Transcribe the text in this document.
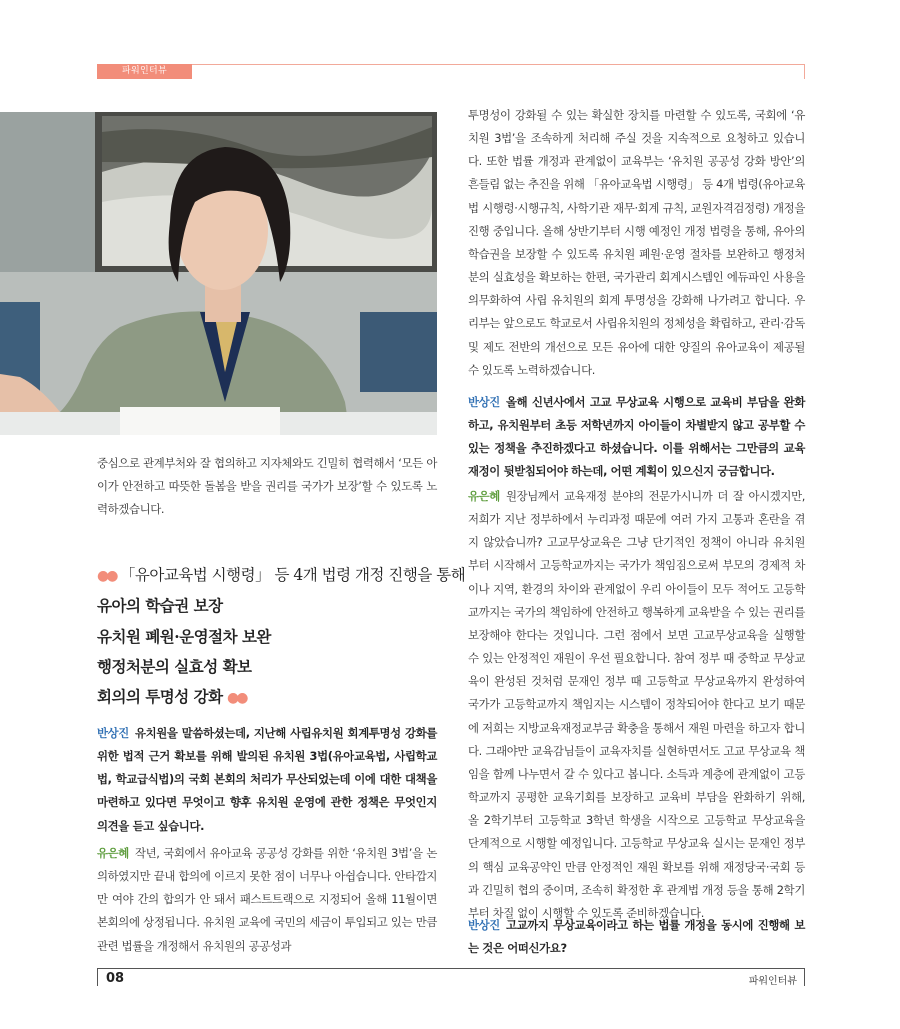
파워인터뷰

중심으로 관계부처와 잘 협의하고 지자체와도 긴밀히 협력해서 ‘모든 아이가 안전하고 따뜻한 돌봄을 받을 권리를 국가가 보장’할 수 있도록 노력하겠습니다.

●● 「유아교육법 시행령」 등 4개 법령 개정 진행을 통해
유아의 학습권 보장
유치원 폐원·운영절차 보완
행정처분의 실효성 확보
회의의 투명성 강화 ●●

반상진 유치원을 말씀하셨는데, 지난해 사립유치원 회계투명성 강화를 위한 법적 근거 확보를 위해 발의된 유치원 3법(유아교육법, 사립학교법, 학교급식법)의 국회 본회의 처리가 무산되었는데 이에 대한 대책을 마련하고 있다면 무엇이고 향후 유치원 운영에 관한 정책은 무엇인지 의견을 듣고 싶습니다.

유은혜 작년, 국회에서 유아교육 공공성 강화를 위한 ‘유치원 3법’을 논의하였지만 끝내 합의에 이르지 못한 점이 너무나 아쉽습니다. 안타깝지만 여야 간의 합의가 안 돼서 패스트트랙으로 지정되어 올해 11월이면 본회의에 상정됩니다. 유치원 교육에 국민의 세금이 투입되고 있는 만큼 관련 법률을 개정해서 유치원의 공공성과

투명성이 강화될 수 있는 확실한 장치를 마련할 수 있도록, 국회에 ‘유치원 3법’을 조속하게 처리해 주실 것을 지속적으로 요청하고 있습니다. 또한 법률 개정과 관계없이 교육부는 ‘유치원 공공성 강화 방안’의 흔들림 없는 추진을 위해 「유아교육법 시행령」 등 4개 법령(유아교육법 시행령·시행규칙, 사학기관 재무·회계 규칙, 교원자격검정령) 개정을 진행 중입니다. 올해 상반기부터 시행 예정인 개정 법령을 통해, 유아의 학습권을 보장할 수 있도록 유치원 폐원·운영 절차를 보완하고 행정처분의 실효성을 확보하는 한편, 국가관리 회계시스템인 에듀파인 사용을 의무화하여 사립 유치원의 회계 투명성을 강화해 나가려고 합니다. 우리부는 앞으로도 학교로서 사립유치원의 정체성을 확립하고, 관리·감독 및 제도 전반의 개선으로 모든 유아에 대한 양질의 유아교육이 제공될 수 있도록 노력하겠습니다.

반상진 올해 신년사에서 고교 무상교육 시행으로 교육비 부담을 완화하고, 유치원부터 초등 저학년까지 아이들이 차별받지 않고 공부할 수 있는 정책을 추진하겠다고 하셨습니다. 이를 위해서는 그만큼의 교육재정이 뒷받침되어야 하는데, 어떤 계획이 있으신지 궁금합니다.

유은혜 원장님께서 교육재정 분야의 전문가시니까 더 잘 아시겠지만, 저희가 지난 정부하에서 누리과정 때문에 여러 가지 고통과 혼란을 겪지 않았습니까? 고교무상교육은 그냥 단기적인 정책이 아니라 유치원부터 시작해서 고등학교까지는 국가가 책임짐으로써 부모의 경제적 차이나 지역, 환경의 차이와 관계없이 우리 아이들이 모두 적어도 고등학교까지는 국가의 책임하에 안전하고 행복하게 교육받을 수 있는 권리를 보장해야 한다는 것입니다. 그런 점에서 보면 고교무상교육을 실행할 수 있는 안정적인 재원이 우선 필요합니다. 참여 정부 때 중학교 무상교육이 완성된 것처럼 문재인 정부 때 고등학교 무상교육까지 완성하여 국가가 고등학교까지 책임지는 시스템이 정착되어야 한다고 보기 때문에 저희는 지방교육재정교부금 확충을 통해서 재원 마련을 하고자 합니다. 그래야만 교육감님들이 교육자치를 실현하면서도 고교 무상교육 책임을 함께 나누면서 갈 수 있다고 봅니다. 소득과 계층에 관계없이 고등학교까지 공평한 교육기회를 보장하고 교육비 부담을 완화하기 위해, 올 2학기부터 고등학교 3학년 학생을 시작으로 고등학교 무상교육을 단계적으로 시행할 예정입니다. 고등학교 무상교육 실시는 문재인 정부의 핵심 교육공약인 만큼 안정적인 재원 확보를 위해 재정당국·국회 등과 긴밀히 협의 중이며, 조속히 확정한 후 관계법 개정 등을 통해 2학기부터 차질 없이 시행할 수 있도록 준비하겠습니다.

반상진 고교까지 무상교육이라고 하는 법률 개정을 동시에 진행해 보는 것은 어떠신가요?

08	파워인터뷰
